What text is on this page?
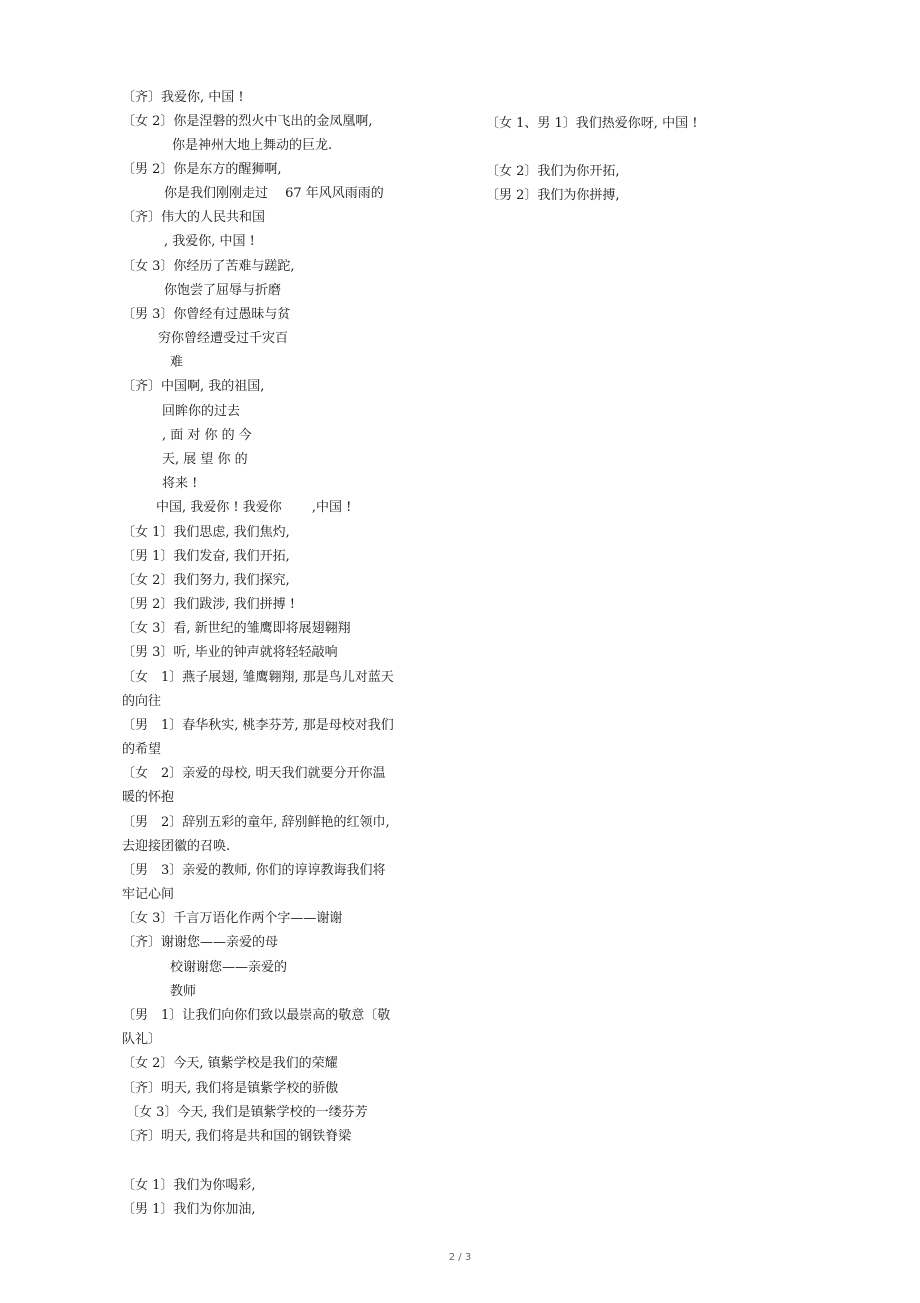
〔齐〕我爱你, 中国 !
〔女 2〕你是涅磐的烈火中飞出的金凤凰啊,
你是神州大地上舞动的巨龙.
〔男 2〕你是东方的醒狮啊,
你是我们刚刚走过　 67 年风风雨雨的
〔齐〕伟大的人民共和国
, 我爱你, 中国 !
〔女 3〕你经历了苦难与蹉跎,
你饱尝了屈辱与折磨
〔男 3〕你曾经有过愚昧与贫
穷你曾经遭受过千灾百
难
〔齐〕中国啊, 我的祖国,
回眸你的过去
, 面 对 你 的 今
天, 展 望 你 的
将来 !
中国, 我爱你 ! 我爱你　　 ,中国 !
〔女 1〕我们思虑, 我们焦灼,
〔男 1〕我们发奋, 我们开拓,
〔女 2〕我们努力, 我们探究,
〔男 2〕我们跋涉, 我们拼搏 !
〔女 3〕看, 新世纪的雏鹰即将展翅翱翔
〔男 3〕听, 毕业的钟声就将轻轻敲响
〔女　1〕燕子展翅, 雏鹰翱翔, 那是鸟儿对蓝天
的向往
〔男　1〕春华秋实, 桃李芬芳, 那是母校对我们
的希望
〔女　2〕亲爱的母校, 明天我们就要分开你温
暖的怀抱
〔男　2〕辞别五彩的童年, 辞别鲜艳的红领巾,
去迎接团徽的召唤.
〔男　3〕亲爱的教师, 你们的谆谆教诲我们将
牢记心间
〔女 3〕千言万语化作两个字——谢谢
〔齐〕谢谢您——亲爱的母
校谢谢您——亲爱的
教师
〔男　1〕让我们向你们致以最崇高的敬意〔敬
队礼〕
〔女 2〕今天, 镇紫学校是我们的荣耀
〔齐〕明天, 我们将是镇紫学校的骄傲
〔女 3〕今天, 我们是镇紫学校的一缕芬芳
〔齐〕明天, 我们将是共和国的钢铁脊梁
〔女 1〕我们为你喝彩,
〔男 1〕我们为你加油,
〔女 1、男 1〕我们热爱你呀, 中国 !
〔女 2〕我们为你开拓,
〔男 2〕我们为你拼搏,
2 / 3
